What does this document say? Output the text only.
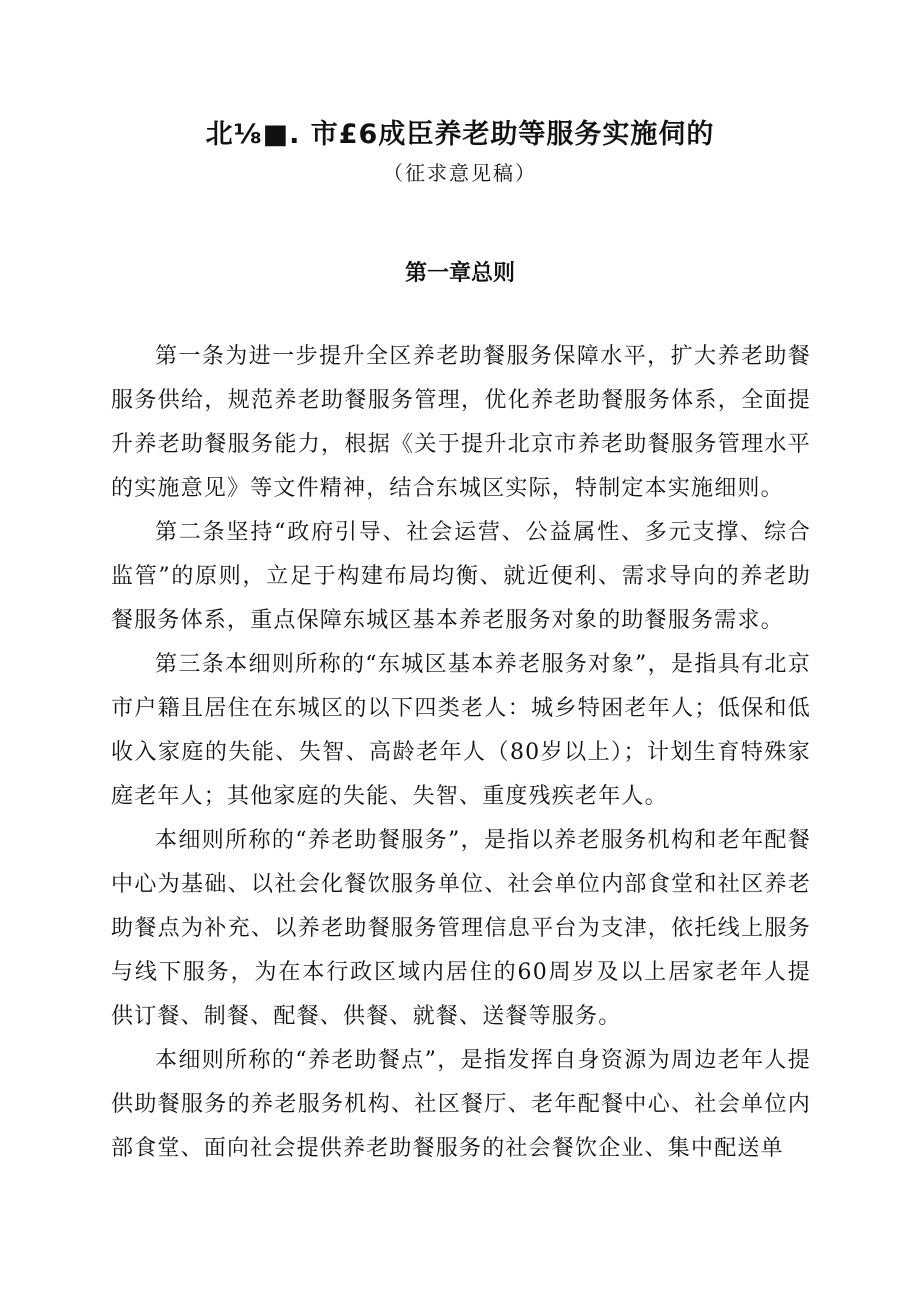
北⅛■. 市£6成臣养老助等服务实施伺的
（征求意见稿）
第一章总则

第一条为进一步提升全区养老助餐服务保障水平，扩大养老助餐服务供给，规范养老助餐服务管理，优化养老助餐服务体系，全面提升养老助餐服务能力，根据《关于提升北京市养老助餐服务管理水平的实施意见》等文件精神，结合东城区实际，特制定本实施细则。

第二条坚持“政府引导、社会运营、公益属性、多元支撑、综合监管”的原则，立足于构建布局均衡、就近便利、需求导向的养老助餐服务体系，重点保障东城区基本养老服务对象的助餐服务需求。

第三条本细则所称的“东城区基本养老服务对象”，是指具有北京市户籍且居住在东城区的以下四类老人：城乡特困老年人；低保和低收入家庭的失能、失智、高龄老年人（80岁以上）；计划生育特殊家庭老年人；其他家庭的失能、失智、重度残疾老年人。

本细则所称的“养老助餐服务”，是指以养老服务机构和老年配餐中心为基础、以社会化餐饮服务单位、社会单位内部食堂和社区养老助餐点为补充、以养老助餐服务管理信息平台为支津，依托线上服务与线下服务，为在本行政区域内居住的60周岁及以上居家老年人提供订餐、制餐、配餐、供餐、就餐、送餐等服务。

本细则所称的“养老助餐点”，是指发挥自身资源为周边老年人提供助餐服务的养老服务机构、社区餐厅、老年配餐中心、社会单位内部食堂、面向社会提供养老助餐服务的社会餐饮企业、集中配送单
